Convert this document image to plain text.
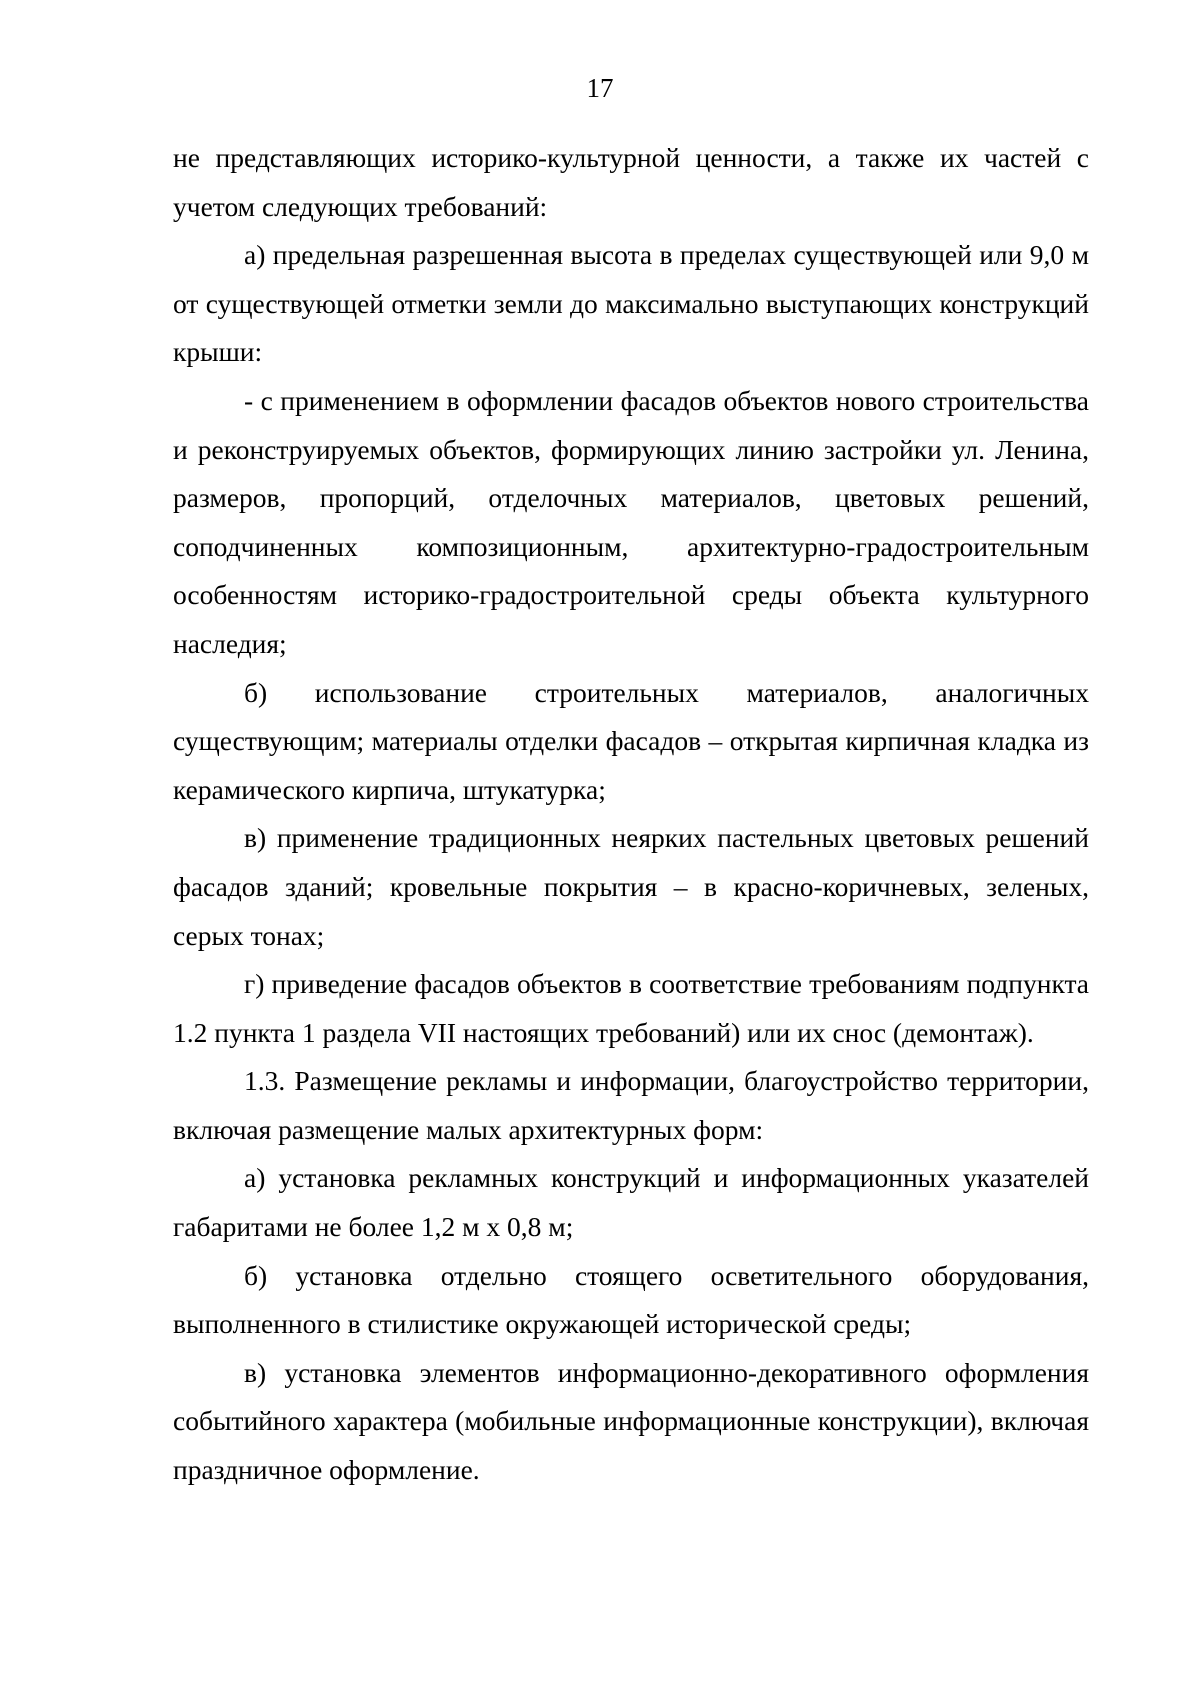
17

не представляющих историко-культурной ценности, а также их частей с учетом следующих требований:

а) предельная разрешенная высота в пределах существующей или 9,0 м от существующей отметки земли до максимально выступающих конструкций крыши:

- с применением в оформлении фасадов объектов нового строительства и реконструируемых объектов, формирующих линию застройки ул. Ленина, размеров, пропорций, отделочных материалов, цветовых решений, соподчиненных композиционным, архитектурно-градостроительным особенностям историко-градостроительной среды объекта культурного наследия;

б) использование строительных материалов, аналогичных существующим; материалы отделки фасадов – открытая кирпичная кладка из керамического кирпича, штукатурка;

в) применение традиционных неярких пастельных цветовых решений фасадов зданий; кровельные покрытия – в красно-коричневых, зеленых, серых тонах;

г) приведение фасадов объектов в соответствие требованиям подпункта 1.2 пункта 1 раздела VII настоящих требований) или их снос (демонтаж).

1.3. Размещение рекламы и информации, благоустройство территории, включая размещение малых архитектурных форм:

а) установка рекламных конструкций и информационных указателей габаритами не более 1,2 м х 0,8 м;

б) установка отдельно стоящего осветительного оборудования, выполненного в стилистике окружающей исторической среды;

в) установка элементов информационно-декоративного оформления событийного характера (мобильные информационные конструкции), включая праздничное оформление.
